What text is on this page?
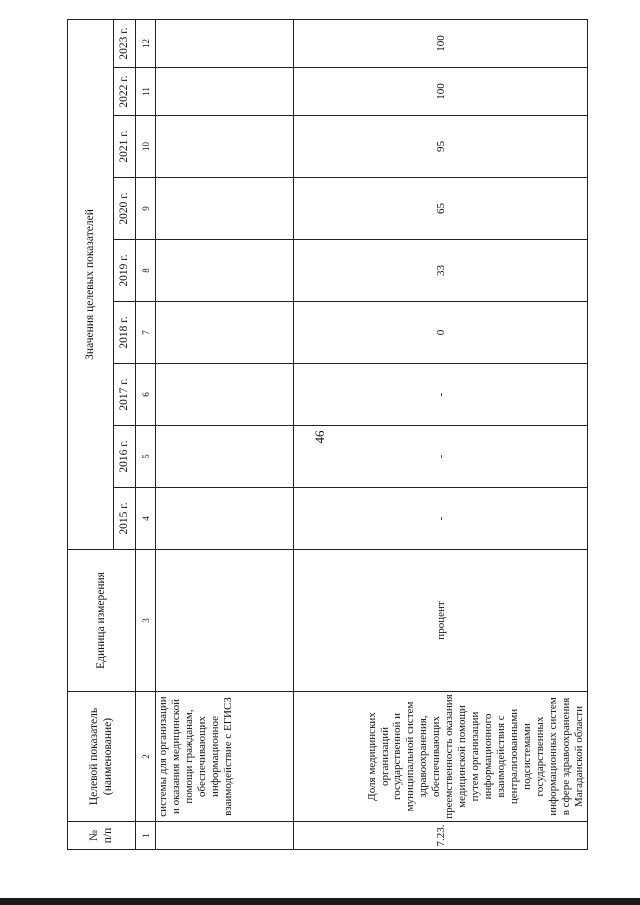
46
№ п/п	Целевой показатель (наименование)	Единица измерения	Значения целевых показателей								
			2015 г.	2016 г.	2017 г.	2018 г.	2019 г.	2020 г.	2021 г.	2022 г.	2023 г.
1	2	3	4	5	6	7	8	9	10	11	12
	системы для организации и оказания медицинской помощи гражданам, обеспечивающих информационное взаимодействие с ЕГИСЗ										
7.23.	Доля медицинских организаций государственной и муниципальной систем здравоохранения, обеспечивающих преемственность оказания медицинской помощи путем организации информационного взаимодействия с централизованными подсистемами государственных информационных систем в сфере здравоохранения Магаданской области	процент	-	-	-	0	33	65	95	100	100
